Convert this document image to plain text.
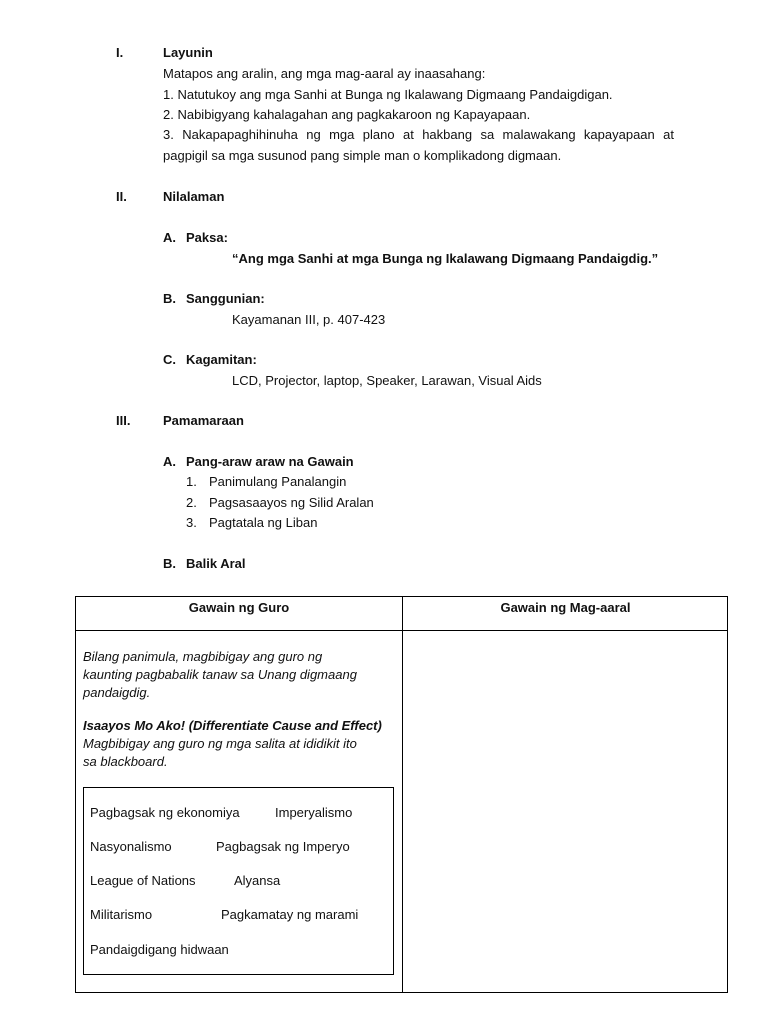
I.	Layunin
Matapos ang aralin, ang mga mag-aaral ay inaasahang:
1. Natutukoy ang mga Sanhi at Bunga ng Ikalawang Digmaang Pandaigdigan.
2. Nabibigyang kahalagahan ang pagkakaroon ng Kapayapaan.
3. Nakapapaghihinuha ng mga plano at hakbang sa malawakang kapayapaan at
pagpigil sa mga susunod pang simple man o komplikadong digmaan.
II.	Nilalaman
A. Paksa:
“Ang mga Sanhi at mga Bunga ng Ikalawang Digmaang Pandaigdig.”
B. Sanggunian:
Kayamanan III, p. 407-423
C. Kagamitan:
LCD, Projector, laptop, Speaker, Larawan, Visual Aids
III.	Pamamaraan
A. Pang-araw araw na Gawain
1. Panimulang Panalangin
2. Pagsasaayos ng Silid Aralan
3. Pagtatala ng Liban
B. Balik Aral
Gawain ng Guro	Gawain ng Mag-aaral
Bilang panimula, magbibigay ang guro ng
kaunting pagbabalik tanaw sa Unang digmaang
pandaigdig.
Isaayos Mo Ako! (Differentiate Cause and Effect)
Magbibigay ang guro ng mga salita at ididikit ito
sa blackboard.
Pagbagsak ng ekonomiya	Imperyalismo
Nasyonalismo	Pagbagsak ng Imperyo
League of Nations	Alyansa
Militarismo	Pagkamatay ng marami
Pandaigdigang hidwaan
